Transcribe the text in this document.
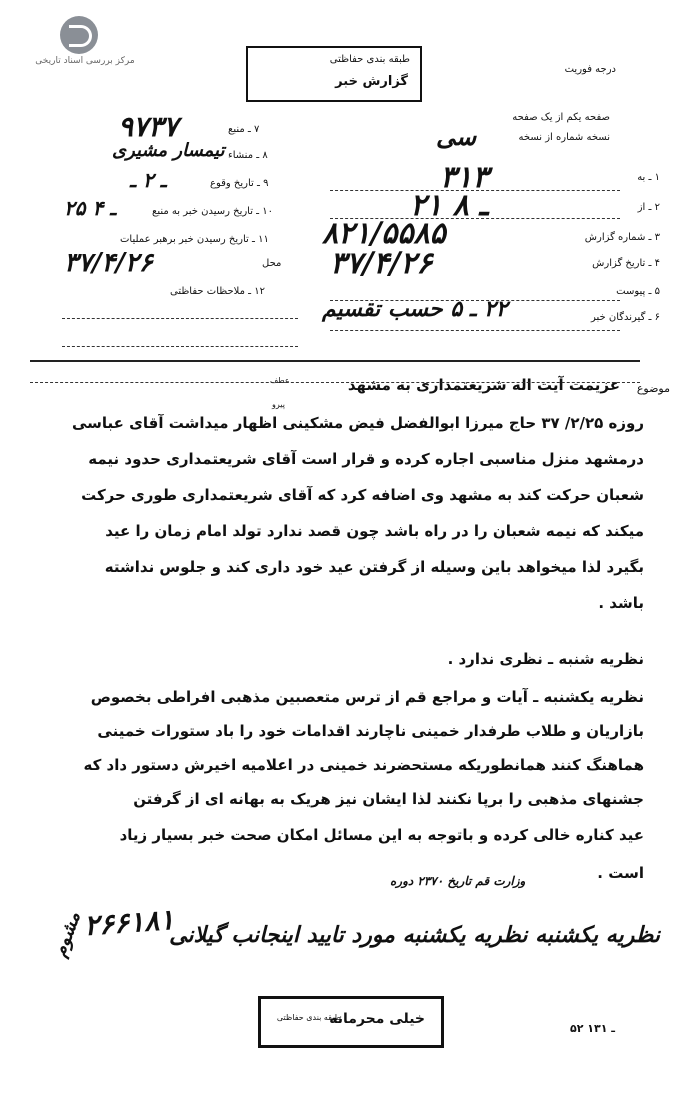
مرکز بررسی اسناد تاریخی	طبقه بندی حفاظتی
گزارش خبر
درجه فوریت
صفحه یکم از یک صفحه
نسخه شماره از نسخه
سی
۱ ـ به
۳۱۳
۲ ـ از
۲۱ ـ ۸
۳ ـ شماره گزارش
۸۲۱/۵۵۸۵
۴ ـ تاریخ گزارش
۳۷/۴/۲۶
۵ ـ پیوست
۶ ـ گیرندگان خبر
۲۲ ـ ۵ حسب تقسیم
۷ ـ منبع
۹۷۳۷
۸ ـ منشاء
تیمسار مشیری
۹ ـ تاریخ وقوع
ـ ۲ ـ
۱۰ ـ تاریخ رسیدن خبر به منبع
۲۵ ـ ۴
۱۱ ـ تاریخ رسیدن خبر برهبر عملیات
محل
۳۷/۴/۲۶
۱۲ ـ ملاحظات حفاظتی
موضوع
عزیمت آیت اله شریعتمداری به مشهد
عطف
پیرو
روزه ۲/۲۵/ ۳۷ حاج میرزا ابوالفضل فیض مشکینی اظهار میداشت آقای عباسی
درمشهد منزل مناسبی اجاره کرده و قرار است آقای شریعتمداری حدود نیمه
شعبان حرکت کند به مشهد وی اضافه کرد که آقای شریعتمداری طوری حرکت
میکند که نیمه شعبان را در راه باشد چون قصد ندارد تولد امام زمان را عید
بگیرد لذا میخواهد باین وسیله از گرفتن عید خود داری کند و جلوس نداشته
باشد .
نظریه شنبه ـ نظری ندارد .
نظریه یکشنبه ـ آیات و مراجع قم از ترس متعصبین مذهبی افراطی بخصوص
بازاریان و طلاب طرفدار خمینی ناچارند اقدامات خود را باد ستورات خمینی
هماهنگ کنند همانطوریکه مستحضرند خمینی در اعلامیه اخیرش دستور داد که
جشنهای مذهبی را برپا نکنند لذا ایشان نیز هریک به بهانه ای از گرفتن
عید کناره خالی کرده و باتوجه به این مسائل امکان صحت خبر بسیار زیاد
است .
وزارت قم تاریخ ۲۳۷۰ دوره
نظریه یکشنبه نظریه یکشنبه مورد تایید اینجانب گیلانی
۲۶۶۱۸۱
مشوم
خیلی محرمانه
طبقه بندی حفاظتی
۵۲ ـ ۱۳۱
